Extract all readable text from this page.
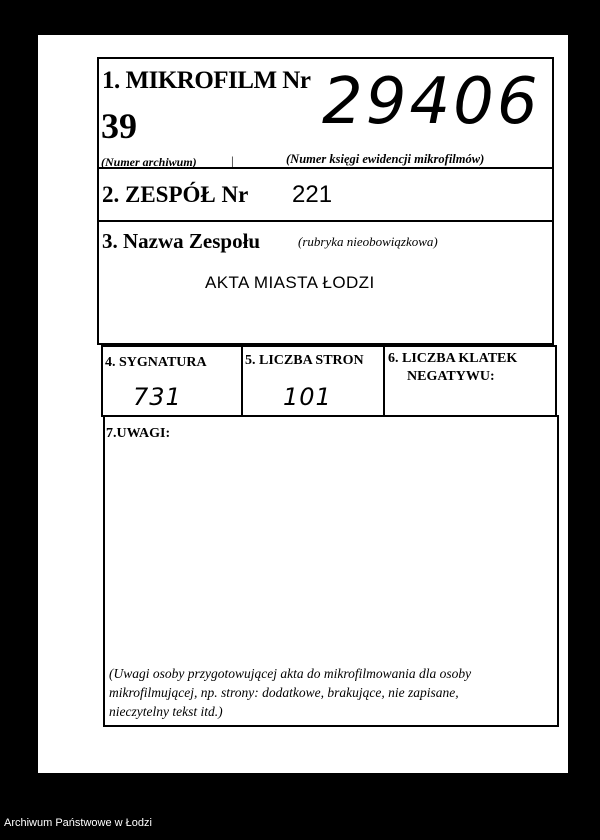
1. MIKROFILM Nr
39
(Numer archiwum)	|
29406
(Numer księgi ewidencji mikrofilmów)
2. ZESPÓŁ Nr 221
3. Nazwa Zespołu	(rubryka nieobowiązkowa)
AKTA MIASTA ŁODZI
4. SYGNATURA
731
5. LICZBA STRON
101
6. LICZBA KLATEK
NEGATYWU:
7.UWAGI:
(Uwagi osoby przygotowującej akta do mikrofilmowania dla osoby
mikrofilmującej, np. strony: dodatkowe, brakujące, nie zapisane,
nieczytelny tekst itd.)
Archiwum Państwowe w Łodzi
